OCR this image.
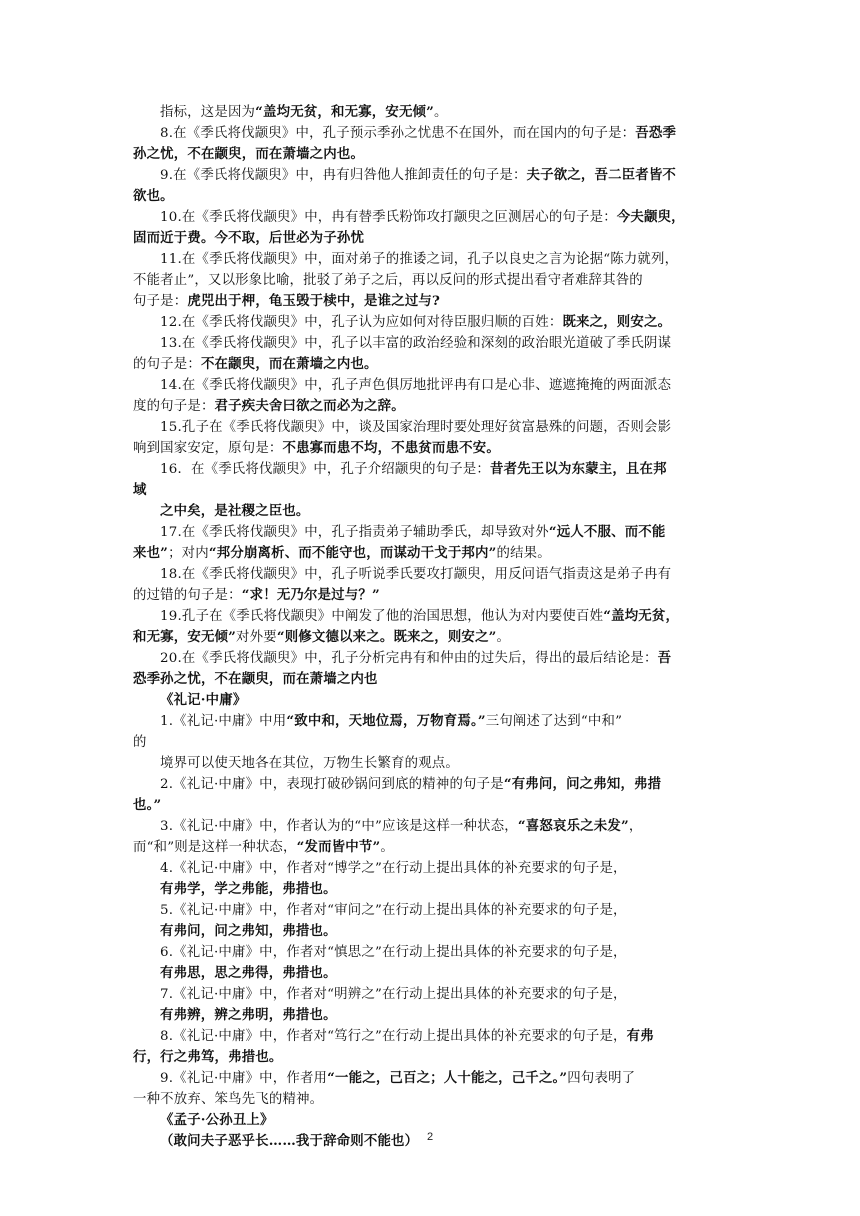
指标，这是因为“盖均无贫，和无寡，安无倾”。
8.在《季氏将伐颛臾》中，孔子预示季孙之忧患不在国外，而在国内的句子是：吾恐季
孙之忧，不在颛臾，而在萧墙之内也。
9.在《季氏将伐颛臾》中，冉有归咎他人推卸责任的句子是：夫子欲之，吾二臣者皆不
欲也。
10.在《季氏将伐颛臾》中，冉有替季氏粉饰攻打颛臾之叵测居心的句子是：今夫颛臾，
固而近于费。今不取，后世必为子孙忧
11.在《季氏将伐颛臾》中，面对弟子的推诿之词，孔子以良史之言为论据“陈力就列，
不能者止”，又以形象比喻，批驳了弟子之后，再以反问的形式提出看守者难辞其咎的
句子是：虎兕出于柙，龟玉毁于椟中，是谁之过与?
12.在《季氏将伐颛臾》中，孔子认为应如何对待臣服归顺的百姓：既来之，则安之。
13.在《季氏将伐颛臾》中，孔子以丰富的政治经验和深刻的政治眼光道破了季氏阴谋
的句子是：不在颛臾，而在萧墙之内也。
14.在《季氏将伐颛臾》中，孔子声色俱厉地批评冉有口是心非、遮遮掩掩的两面派态
度的句子是：君子疾夫舍曰欲之而必为之辞。
15.孔子在《季氏将伐颛臾》中，谈及国家治理时要处理好贫富悬殊的问题，否则会影
响到国家安定，原句是：不患寡而患不均，不患贫而患不安。
16．在《季氏将伐颛臾》中，孔子介绍颛臾的句子是：昔者先王以为东蒙主，且在邦
域
之中矣，是社稷之臣也。
17.在《季氏将伐颛臾》中，孔子指责弟子辅助季氏，却导致对外“远人不服、而不能
来也”；对内“邦分崩离析、而不能守也，而谋动干戈于邦内”的结果。
18.在《季氏将伐颛臾》中，孔子听说季氏要攻打颛臾，用反问语气指责这是弟子冉有
的过错的句子是：“求！无乃尔是过与？”
19.孔子在《季氏将伐颛臾》中阐发了他的治国思想，他认为对内要使百姓“盖均无贫，
和无寡，安无倾”对外要“则修文德以来之。既来之，则安之”。
20.在《季氏将伐颛臾》中，孔子分析完冉有和仲由的过失后，得出的最后结论是：吾
恐季孙之忧，不在颛臾，而在萧墙之内也
《礼记·中庸》
1.《礼记·中庸》中用“致中和，天地位焉，万物育焉。”三句阐述了达到“中和”
的
境界可以使天地各在其位，万物生长繁育的观点。
2.《礼记·中庸》中，表现打破砂锅问到底的精神的句子是“有弗问，问之弗知，弗措
也。”
3.《礼记·中庸》中，作者认为的“中”应该是这样一种状态，“喜怒哀乐之未发”，
而“和”则是这样一种状态，“发而皆中节”。
4.《礼记·中庸》中，作者对“博学之”在行动上提出具体的补充要求的句子是，
有弗学，学之弗能，弗措也。
5.《礼记·中庸》中，作者对“审问之”在行动上提出具体的补充要求的句子是，
有弗问，问之弗知，弗措也。
6.《礼记·中庸》中，作者对“慎思之”在行动上提出具体的补充要求的句子是，
有弗思，思之弗得，弗措也。
7.《礼记·中庸》中，作者对“明辨之”在行动上提出具体的补充要求的句子是，
有弗辨，辨之弗明，弗措也。
8.《礼记·中庸》中，作者对“笃行之”在行动上提出具体的补充要求的句子是，有弗
行，行之弗笃，弗措也。
9.《礼记·中庸》中，作者用“一能之，己百之；人十能之，己千之。”四句表明了
一种不放弃、笨鸟先飞的精神。
《孟子·公孙丑上》
（敢问夫子恶乎长……我于辞命则不能也） 2
